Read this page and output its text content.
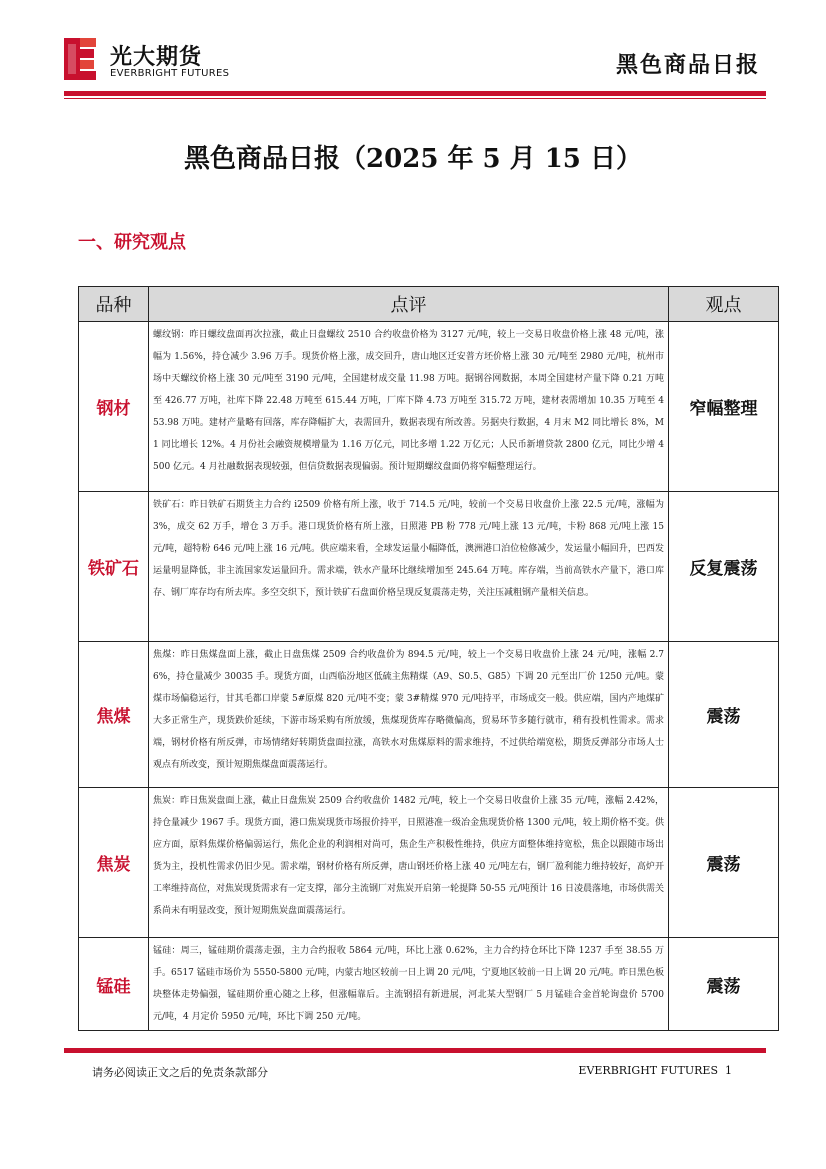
光大期货
EVERBRIGHT FUTURES	黑色商品日报
黑色商品日报（2025 年 5 月 15 日）
一、研究观点
品种	点评	观点
钢材	螺纹钢：昨日螺纹盘面再次拉涨，截止日盘螺纹 2510 合约收盘价格为 3127 元/吨，较上一交易日收盘价格上涨 48 元/吨，涨幅为 1.56%，持仓减少 3.96 万手。现货价格上涨，成交回升，唐山地区迁安普方坯价格上涨 30 元/吨至 2980 元/吨，杭州市场中天螺纹价格上涨 30 元/吨至 3190 元/吨，全国建材成交量 11.98 万吨。据钢谷网数据，本周全国建材产量下降 0.21 万吨至 426.77 万吨，社库下降 22.48 万吨至 615.44 万吨，厂库下降 4.73 万吨至 315.72 万吨，建材表需增加 10.35 万吨至 453.98 万吨。建材产量略有回落，库存降幅扩大，表需回升，数据表现有所改善。另据央行数据，4 月末 M2 同比增长 8%，M1 同比增长 12%。4 月份社会融资规模增量为 1.16 万亿元，同比多增 1.22 万亿元；人民币新增贷款 2800 亿元，同比少增 4500 亿元。4 月社融数据表现较强，但信贷数据表现偏弱。预计短期螺纹盘面仍将窄幅整理运行。	窄幅整理
铁矿石	铁矿石：昨日铁矿石期货主力合约 i2509 价格有所上涨，收于 714.5 元/吨，较前一个交易日收盘价上涨 22.5 元/吨，涨幅为 3%，成交 62 万手，增仓 3 万手。港口现货价格有所上涨，日照港 PB 粉 778 元/吨上涨 13 元/吨，卡粉 868 元/吨上涨 15 元/吨，超特粉 646 元/吨上涨 16 元/吨。供应端来看，全球发运量小幅降低，澳洲港口泊位检修减少，发运量小幅回升，巴西发运量明显降低，非主流国家发运量回升。需求端，铁水产量环比继续增加至 245.64 万吨。库存端，当前高铁水产量下，港口库存、钢厂库存均有所去库。多空交织下，预计铁矿石盘面价格呈现反复震荡走势，关注压减粗钢产量相关信息。	反复震荡
焦煤	焦煤：昨日焦煤盘面上涨，截止日盘焦煤 2509 合约收盘价为 894.5 元/吨，较上一个交易日收盘价上涨 24 元/吨，涨幅 2.76%，持仓量减少 30035 手。现货方面，山西临汾地区低硫主焦精煤（A9、S0.5、G85）下调 20 元至出厂价 1250 元/吨。蒙煤市场偏稳运行，甘其毛都口岸蒙 5#原煤 820 元/吨不变；蒙 3#精煤 970 元/吨持平，市场成交一般。供应端，国内产地煤矿大多正常生产，现货跌价延续，下游市场采购有所放缓，焦煤现货库存略微偏高，贸易环节多随行就市，稍有投机性需求。需求端，钢材价格有所反弹，市场情绪好转期货盘面拉涨，高铁水对焦煤原料的需求维持，不过供给端宽松，期货反弹部分市场人士观点有所改变，预计短期焦煤盘面震荡运行。	震荡
焦炭	焦炭：昨日焦炭盘面上涨，截止日盘焦炭 2509 合约收盘价 1482 元/吨，较上一个交易日收盘价上涨 35 元/吨，涨幅 2.42%，持仓量减少 1967 手。现货方面，港口焦炭现货市场报价持平，日照港准一级冶金焦现货价格 1300 元/吨，较上期价格不变。供应方面，原料焦煤价格偏弱运行，焦化企业的利润相对尚可，焦企生产积极性维持，供应方面整体维持宽松，焦企以跟随市场出货为主，投机性需求仍旧少见。需求端，钢材价格有所反弹，唐山钢坯价格上涨 40 元/吨左右，钢厂盈利能力维持较好，高炉开工率维持高位，对焦炭现货需求有一定支撑，部分主流钢厂对焦炭开启第一轮提降 50-55 元/吨预计 16 日凌晨落地，市场供需关系尚未有明显改变，预计短期焦炭盘面震荡运行。	震荡
锰硅	锰硅：周三，锰硅期价震荡走强，主力合约报收 5864 元/吨，环比上涨 0.62%，主力合约持仓环比下降 1237 手至 38.55 万手。6517 锰硅市场价为 5550-5800 元/吨，内蒙古地区较前一日上调 20 元/吨，宁夏地区较前一日上调 20 元/吨。昨日黑色板块整体走势偏强，锰硅期价重心随之上移，但涨幅靠后。主流钢招有新进展，河北某大型钢厂 5 月锰硅合金首轮询盘价 5700 元/吨，4 月定价 5950 元/吨，环比下调 250 元/吨。	震荡
请务必阅读正文之后的免责条款部分	EVERBRIGHT FUTURES 1
